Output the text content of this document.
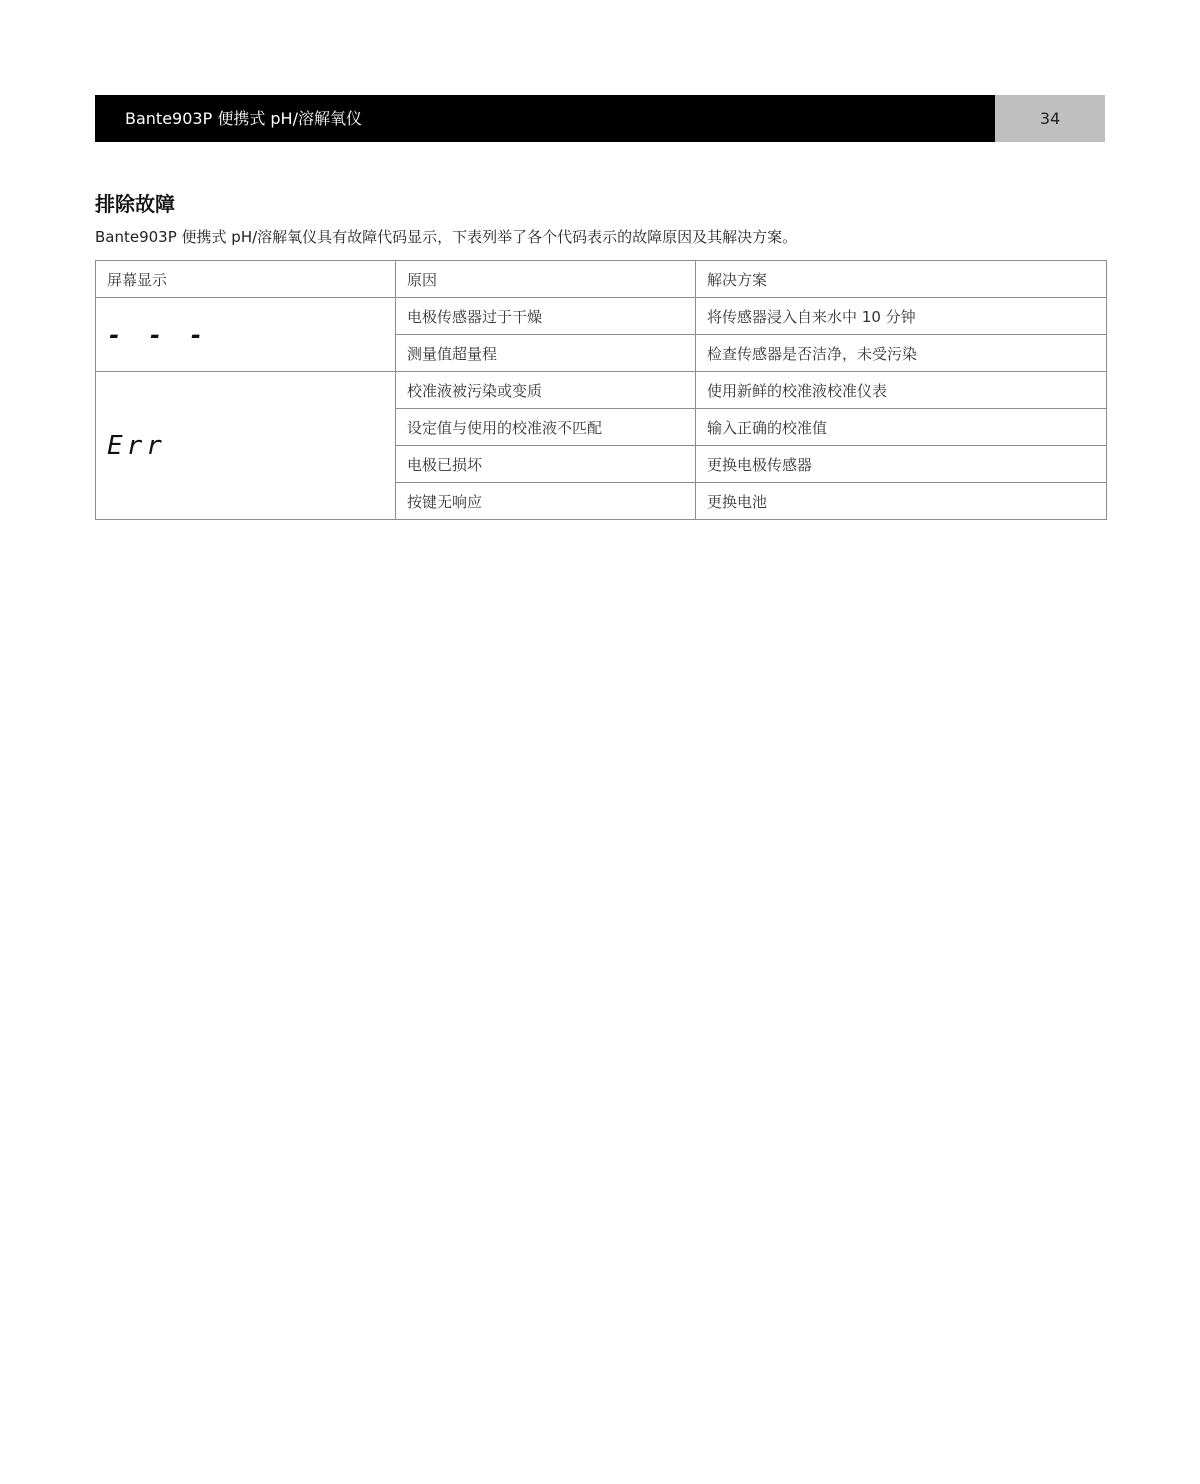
Bante903P 便携式 pH/溶解氧仪	34
排除故障

Bante903P 便携式 pH/溶解氧仪具有故障代码显示，下表列举了各个代码表示的故障原因及其解决方案。

屏幕显示	原因	解决方案
- - -	电极传感器过于干燥	将传感器浸入自来水中 10 分钟
	测量值超量程	检查传感器是否洁净，未受污染
Err	校准液被污染或变质	使用新鲜的校准液校准仪表
	设定值与使用的校准液不匹配	输入正确的校准值
	电极已损坏	更换电极传感器
	按键无响应	更换电池
